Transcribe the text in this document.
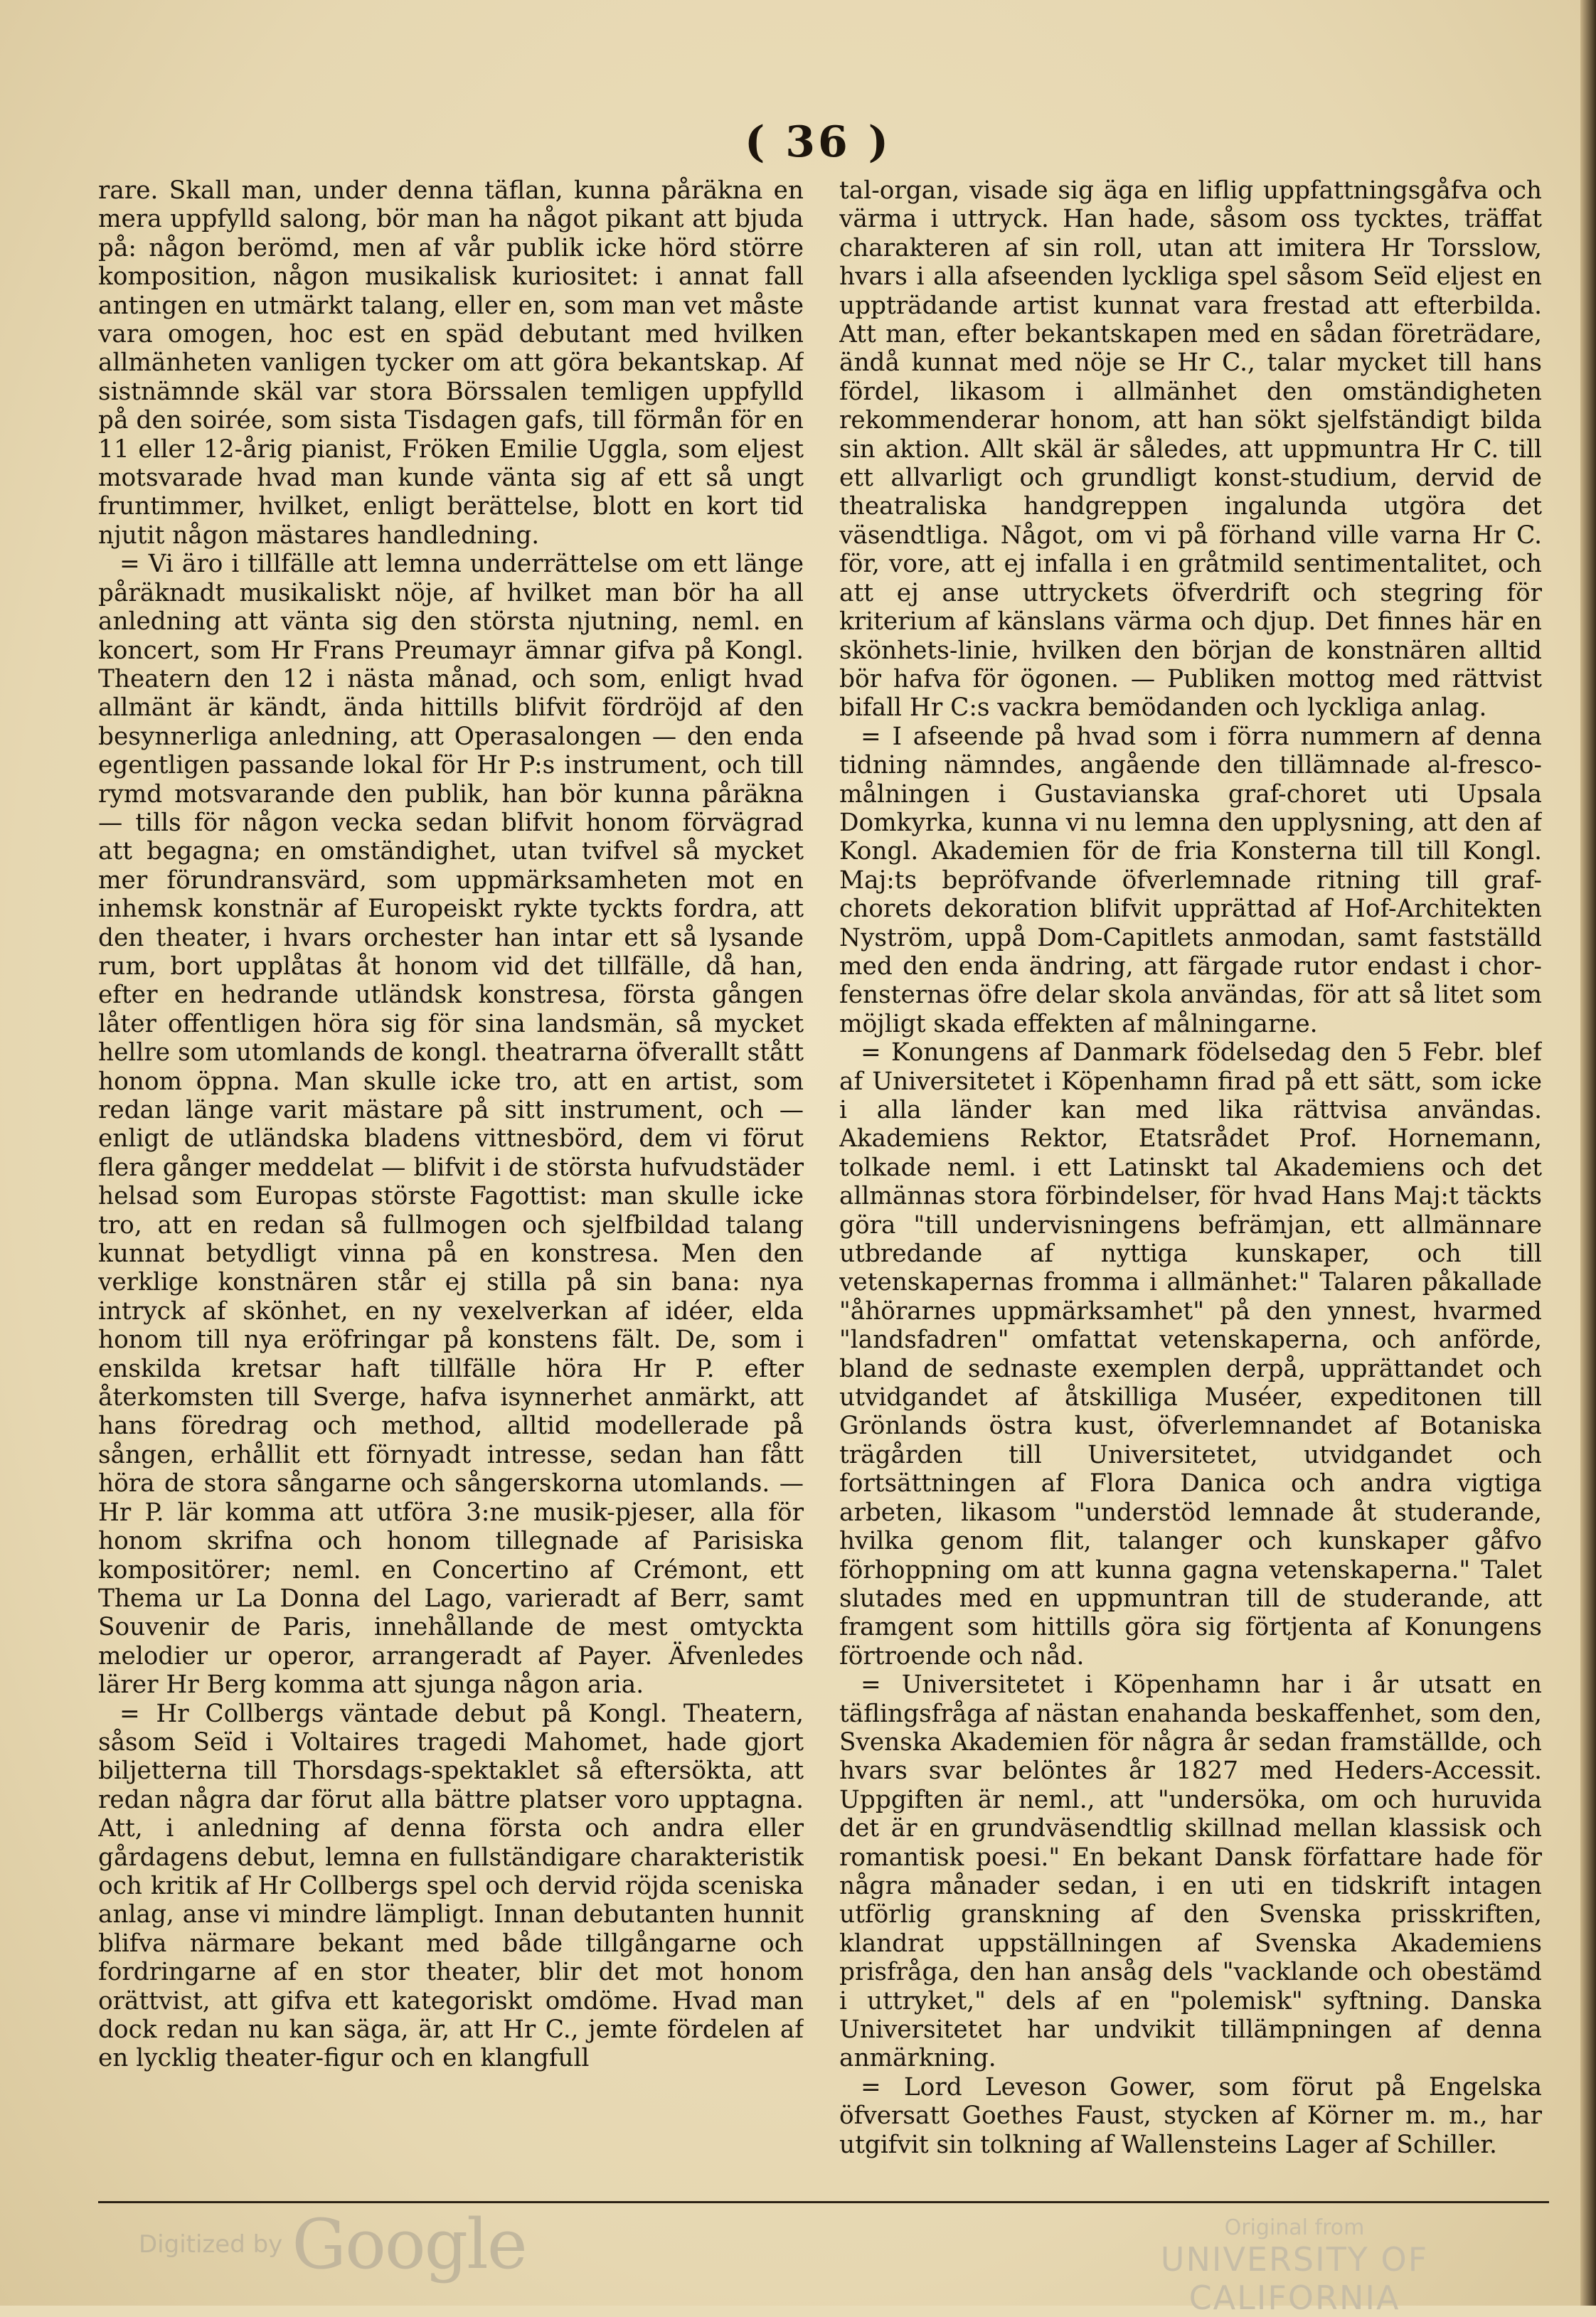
( 36 )

rare. Skall man, under denna täflan, kunna påräkna en mera uppfylld salong, bör man ha något pikant att bjuda på: någon berömd, men af vår publik icke hörd större komposition, någon musikalisk kuriositet: i annat fall antingen en utmärkt talang, eller en, som man vet måste vara omogen, hoc est en späd debutant med hvilken allmänheten vanligen tycker om att göra bekantskap. Af sistnämnde skäl var stora Börssalen temligen uppfylld på den soirée, som sista Tisdagen gafs, till förmån för en 11 eller 12-årig pianist, Fröken Emilie Uggla, som eljest motsvarade hvad man kunde vänta sig af ett så ungt fruntimmer, hvilket, enligt berättelse, blott en kort tid njutit någon mästares handledning.

= Vi äro i tillfälle att lemna underrättelse om ett länge påräknadt musikaliskt nöje, af hvilket man bör ha all anledning att vänta sig den största njutning, neml. en koncert, som Hr Frans Preumayr ämnar gifva på Kongl. Theatern den 12 i nästa månad, och som, enligt hvad allmänt är kändt, ända hittills blifvit fördröjd af den besynnerliga anledning, att Operasalongen — den enda egentligen passande lokal för Hr P:s instrument, och till rymd motsvarande den publik, han bör kunna påräkna — tills för någon vecka sedan blifvit honom förvägrad att begagna; en omständighet, utan tvifvel så mycket mer förundransvärd, som uppmärksamheten mot en inhemsk konstnär af Europeiskt rykte tyckts fordra, att den theater, i hvars orchester han intar ett så lysande rum, bort upplåtas åt honom vid det tillfälle, då han, efter en hedrande utländsk konstresa, första gången låter offentligen höra sig för sina landsmän, så mycket hellre som utomlands de kongl. theatrarna öfverallt stått honom öppna. Man skulle icke tro, att en artist, som redan länge varit mästare på sitt instrument, och — enligt de utländska bladens vittnesbörd, dem vi förut flera gånger meddelat — blifvit i de största hufvudstäder helsad som Europas störste Fagottist: man skulle icke tro, att en redan så fullmogen och sjelfbildad talang kunnat betydligt vinna på en konstresa. Men den verklige konstnären står ej stilla på sin bana: nya intryck af skönhet, en ny vexelverkan af idéer, elda honom till nya eröfringar på konstens fält. De, som i enskilda kretsar haft tillfälle höra Hr P. efter återkomsten till Sverge, hafva isynnerhet anmärkt, att hans föredrag och method, alltid modellerade på sången, erhållit ett förnyadt intresse, sedan han fått höra de stora sångarne och sångerskorna utomlands. — Hr P. lär komma att utföra 3:ne musik-pjeser, alla för honom skrifna och honom tillegnade af Parisiska kompositörer; neml. en Concertino af Crémont, ett Thema ur La Donna del Lago, varieradt af Berr, samt Souvenir de Paris, innehållande de mest omtyckta melodier ur operor, arrangeradt af Payer. Äfvenledes lärer Hr Berg komma att sjunga någon aria.

= Hr Collbergs väntade debut på Kongl. Theatern, såsom Seïd i Voltaires tragedi Mahomet, hade gjort biljetterna till Thorsdags-spektaklet så eftersökta, att redan några dar förut alla bättre platser voro upptagna. Att, i anledning af denna första och andra eller gårdagens debut, lemna en fullständigare charakteristik och kritik af Hr Collbergs spel och dervid röjda sceniska anlag, anse vi mindre lämpligt. Innan debutanten hunnit blifva närmare bekant med både tillgångarne och fordringarne af en stor theater, blir det mot honom orättvist, att gifva ett kategoriskt omdöme. Hvad man dock redan nu kan säga, är, att Hr C., jemte fördelen af en lycklig theater-figur och en klangfull

tal-organ, visade sig äga en liflig uppfattningsgåfva och värma i uttryck. Han hade, såsom oss tycktes, träffat charakteren af sin roll, utan att imitera Hr Torsslow, hvars i alla afseenden lyckliga spel såsom Seïd eljest en uppträdande artist kunnat vara frestad att efterbilda. Att man, efter bekantskapen med en sådan företrädare, ändå kunnat med nöje se Hr C., talar mycket till hans fördel, likasom i allmänhet den omständigheten rekommenderar honom, att han sökt sjelfständigt bilda sin aktion. Allt skäl är således, att uppmuntra Hr C. till ett allvarligt och grundligt konst-studium, dervid de theatraliska handgreppen ingalunda utgöra det väsendtliga. Något, om vi på förhand ville varna Hr C. för, vore, att ej infalla i en gråtmild sentimentalitet, och att ej anse uttryckets öfverdrift och stegring för kriterium af känslans värma och djup. Det finnes här en skönhets-linie, hvilken den början de konstnären alltid bör hafva för ögonen. — Publiken mottog med rättvist bifall Hr C:s vackra bemödanden och lyckliga anlag.

= I afseende på hvad som i förra nummern af denna tidning nämndes, angående den tillämnade al-fresco-målningen i Gustavianska graf-choret uti Upsala Domkyrka, kunna vi nu lemna den upplysning, att den af Kongl. Akademien för de fria Konsterna till till Kongl. Maj:ts bepröfvande öfverlemnade ritning till graf-chorets dekoration blifvit upprättad af Hof-Architekten Nyström, uppå Dom-Capitlets anmodan, samt fastställd med den enda ändring, att färgade rutor endast i chor-fensternas öfre delar skola användas, för att så litet som möjligt skada effekten af målningarne.

= Konungens af Danmark födelsedag den 5 Febr. blef af Universitetet i Köpenhamn firad på ett sätt, som icke i alla länder kan med lika rättvisa användas. Akademiens Rektor, Etatsrådet Prof. Hornemann, tolkade neml. i ett Latinskt tal Akademiens och det allmännas stora förbindelser, för hvad Hans Maj:t täckts göra "till undervisningens befrämjan, ett allmännare utbredande af nyttiga kunskaper, och till vetenskapernas fromma i allmänhet:" Talaren påkallade "åhörarnes uppmärksamhet" på den ynnest, hvarmed "landsfadren" omfattat vetenskaperna, och anförde, bland de sednaste exemplen derpå, upprättandet och utvidgandet af åtskilliga Muséer, expeditonen till Grönlands östra kust, öfverlemnandet af Botaniska trägården till Universitetet, utvidgandet och fortsättningen af Flora Danica och andra vigtiga arbeten, likasom "understöd lemnade åt studerande, hvilka genom flit, talanger och kunskaper gåfvo förhoppning om att kunna gagna vetenskaperna." Talet slutades med en uppmuntran till de studerande, att framgent som hittills göra sig förtjenta af Konungens förtroende och nåd.

= Universitetet i Köpenhamn har i år utsatt en täflingsfråga af nästan enahanda beskaffenhet, som den, Svenska Akademien för några år sedan framställde, och hvars svar belöntes år 1827 med Heders-Accessit. Uppgiften är neml., att "undersöka, om och huruvida det är en grundväsendtlig skillnad mellan klassisk och romantisk poesi." En bekant Dansk författare hade för några månader sedan, i en uti en tidskrift intagen utförlig granskning af den Svenska prisskriften, klandrat uppställningen af Svenska Akademiens prisfråga, den han ansåg dels "vacklande och obestämd i uttryket," dels af en "polemisk" syftning. Danska Universitetet har undvikit tillämpningen af denna anmärkning.

= Lord Leveson Gower, som förut på Engelska öfversatt Goethes Faust, stycken af Körner m. m., har utgifvit sin tolkning af Wallensteins Lager af Schiller.

Digitized by Google	Original from
UNIVERSITY OF CALIFORNIA
